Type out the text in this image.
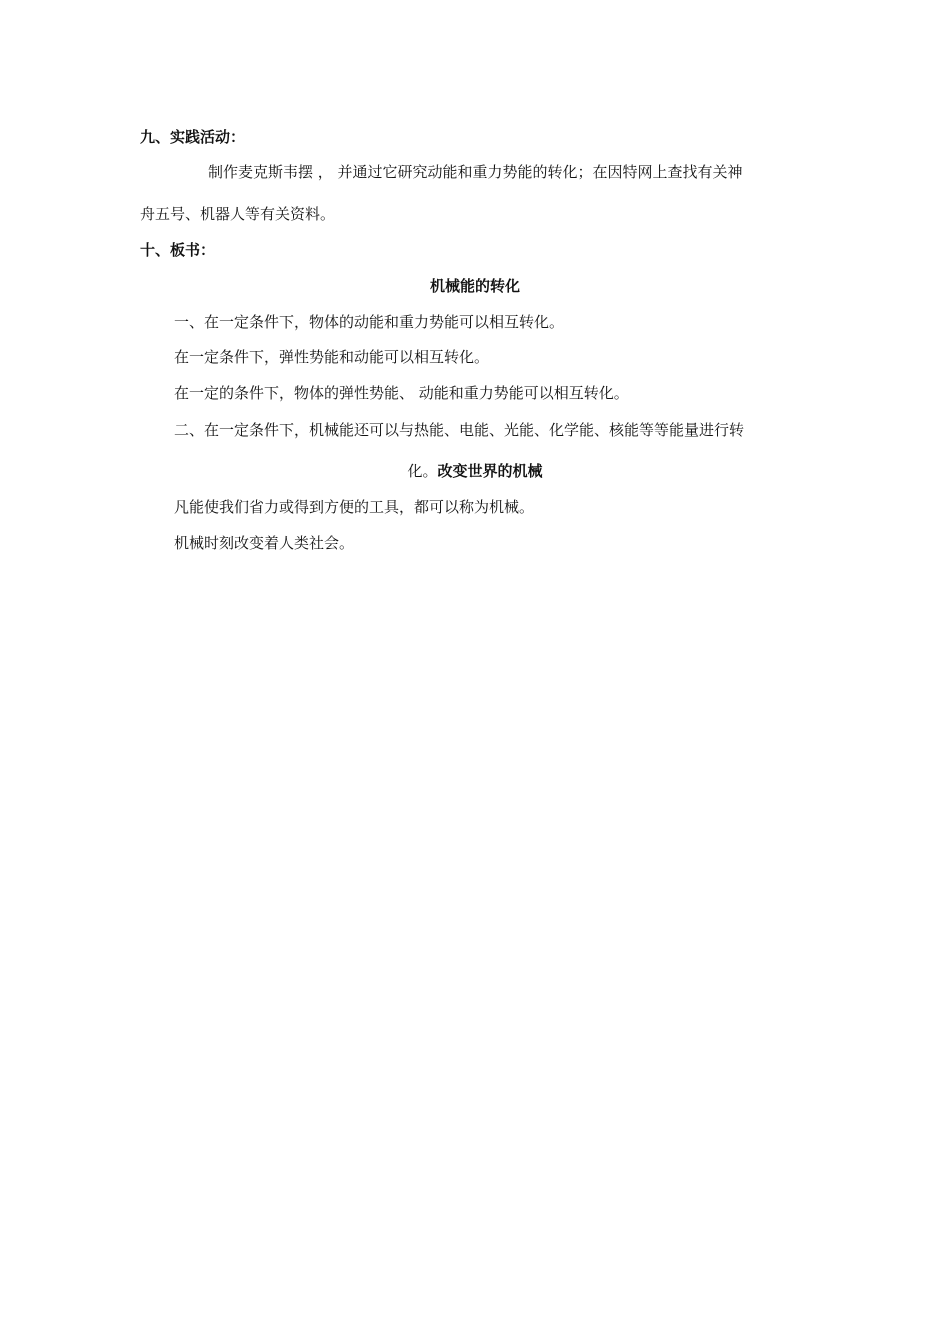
九、实践活动：
制作麦克斯韦摆 ， 并通过它研究动能和重力势能的转化；在因特网上查找有关神
舟五号、机器人等有关资料。
十、板书：
机械能的转化
一、在一定条件下，物体的动能和重力势能可以相互转化。
在一定条件下，弹性势能和动能可以相互转化。
在一定的条件下，物体的弹性势能、 动能和重力势能可以相互转化。
二、在一定条件下，机械能还可以与热能、电能、光能、化学能、核能等等能量进行转
化。改变世界的机械
凡能使我们省力或得到方便的工具，都可以称为机械。
机械时刻改变着人类社会。
